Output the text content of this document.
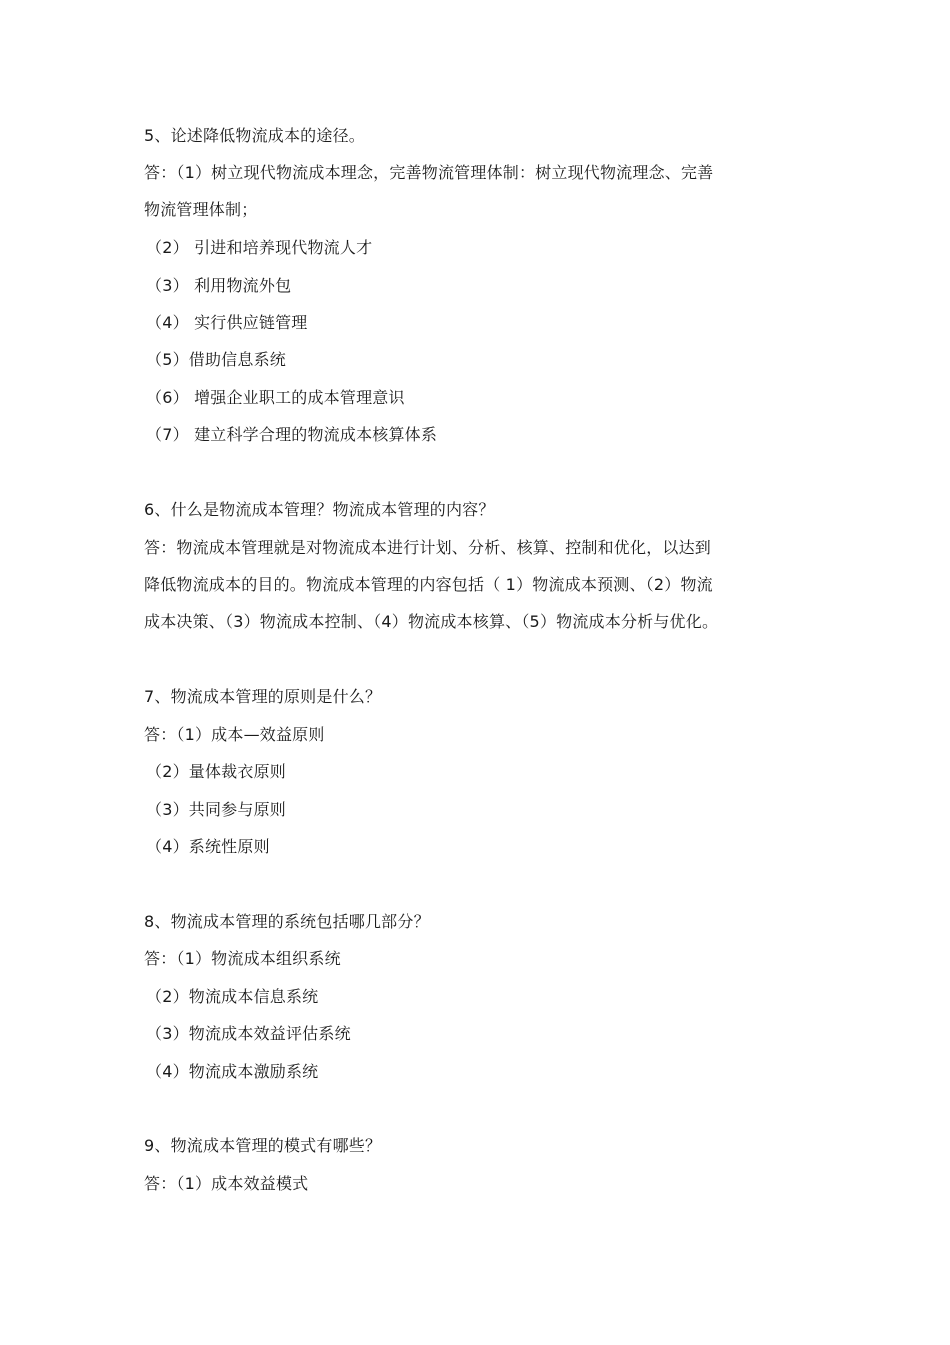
5、论述降低物流成本的途径。
答：（1）树立现代物流成本理念，完善物流管理体制：树立现代物流理念、完善
物流管理体制；
（2） 引进和培养现代物流人才
（3） 利用物流外包
（4） 实行供应链管理
（5）借助信息系统
（6） 增强企业职工的成本管理意识
（7） 建立科学合理的物流成本核算体系
6、什么是物流成本管理？物流成本管理的内容？
答：物流成本管理就是对物流成本进行计划、分析、核算、控制和优化，以达到
降低物流成本的目的。物流成本管理的内容包括（ 1）物流成本预测、（2）物流
成本决策、（3）物流成本控制、（4）物流成本核算、（5）物流成本分析与优化。
7、物流成本管理的原则是什么？
答：（1）成本—效益原则
（2）量体裁衣原则
（3）共同参与原则
（4）系统性原则
8、物流成本管理的系统包括哪几部分？
答：（1）物流成本组织系统
（2）物流成本信息系统
（3）物流成本效益评估系统
（4）物流成本激励系统
9、物流成本管理的模式有哪些？
答：（1）成本效益模式
